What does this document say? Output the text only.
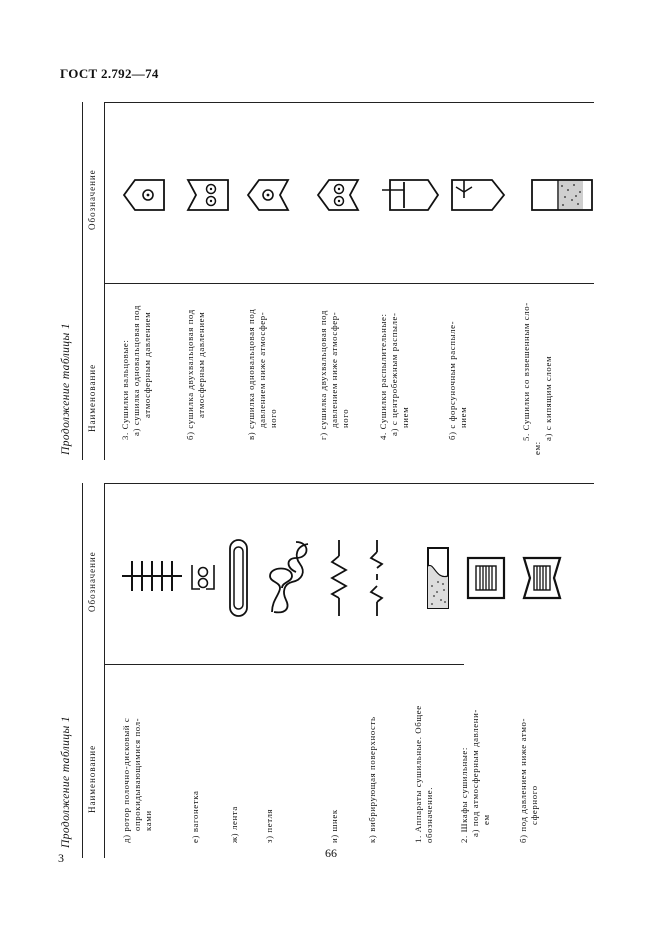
ГОСТ 2.792—74
Продолжение таблицы 1 Наименование
Обозначение
д) ротор полочно-дисковый с опрокидывающимися пол- ками	е) вагонетка	ж) лента	з) петля	и) шнек	к) вибрирующая поверхность	1. Аппараты сушильные. Общее обозначение.	2. Шкафы сушильные: а) под атмосферным давлени- ем	б) под давлением ниже атмо- сферного
Продолжение таблицы 1 Наименование
Обозначение
3. Сушилки вальцовые: а) сушилка одновальцовая под атмосферным давлением	б) сушилка двухвальцовая под атмосферным давлением	в) сушилка одновальцовая под давлением ниже атмосфер- ного	г) сушилка двухвальцовая под давлением ниже атмосфер- ного	4. Сушилки распылительные: а) с центробежным распыле- нием	б) с форсуночным распыле- нием	5. Сушилки со взвешенным сло-
ем:
а) с кипящим слоем
66
3
